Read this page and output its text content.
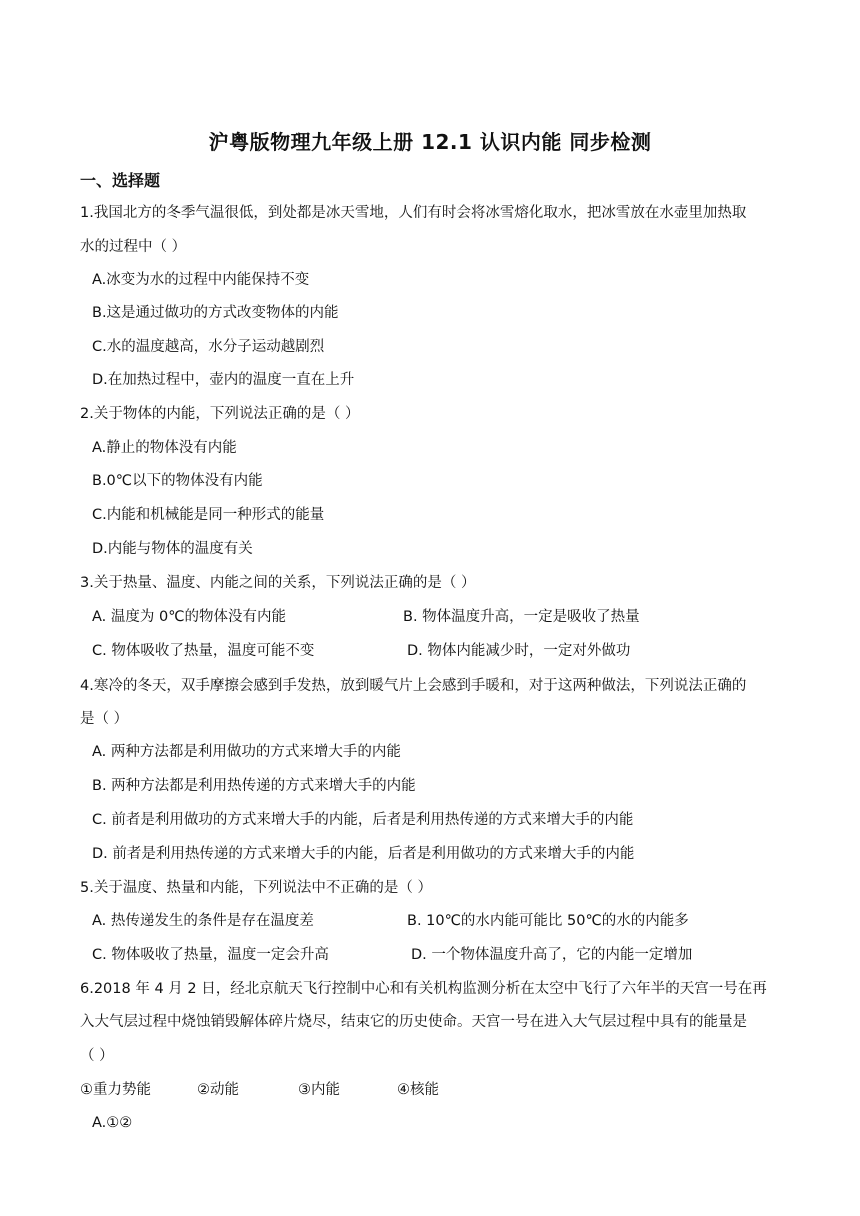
沪粤版物理九年级上册 12.1 认识内能 同步检测
一、选择题
1.我国北方的冬季气温很低，到处都是冰天雪地，人们有时会将冰雪熔化取水，把冰雪放在水壶里加热取
水的过程中（ ）
A.冰变为水的过程中内能保持不变
B.这是通过做功的方式改变物体的内能
C.水的温度越高，水分子运动越剧烈
D.在加热过程中，壶内的温度一直在上升
2.关于物体的内能，下列说法正确的是（ ）
A.静止的物体没有内能
B.0℃以下的物体没有内能
C.内能和机械能是同一种形式的能量
D.内能与物体的温度有关
3.关于热量、温度、内能之间的关系，下列说法正确的是（ ）
A. 温度为 0℃的物体没有内能	B. 物体温度升高，一定是吸收了热量
C. 物体吸收了热量，温度可能不变	D. 物体内能减少时，一定对外做功
4.寒冷的冬天，双手摩擦会感到手发热，放到暖气片上会感到手暖和，对于这两种做法，下列说法正确的
是（ ）
A. 两种方法都是利用做功的方式来增大手的内能
B. 两种方法都是利用热传递的方式来增大手的内能
C. 前者是利用做功的方式来增大手的内能，后者是利用热传递的方式来增大手的内能
D. 前者是利用热传递的方式来增大手的内能，后者是利用做功的方式来增大手的内能
5.关于温度、热量和内能，下列说法中不正确的是（ ）
A. 热传递发生的条件是存在温度差	B. 10℃的水内能可能比 50℃的水的内能多
C. 物体吸收了热量，温度一定会升高	D. 一个物体温度升高了，它的内能一定增加
6.2018 年 4 月 2 日，经北京航天飞行控制中心和有关机构监测分析在太空中飞行了六年半的天宫一号在再
入大气层过程中烧蚀销毁解体碎片烧尽，结束它的历史使命。天宫一号在进入大气层过程中具有的能量是
（ ）
①重力势能	②动能	③内能	④核能
A.①②
